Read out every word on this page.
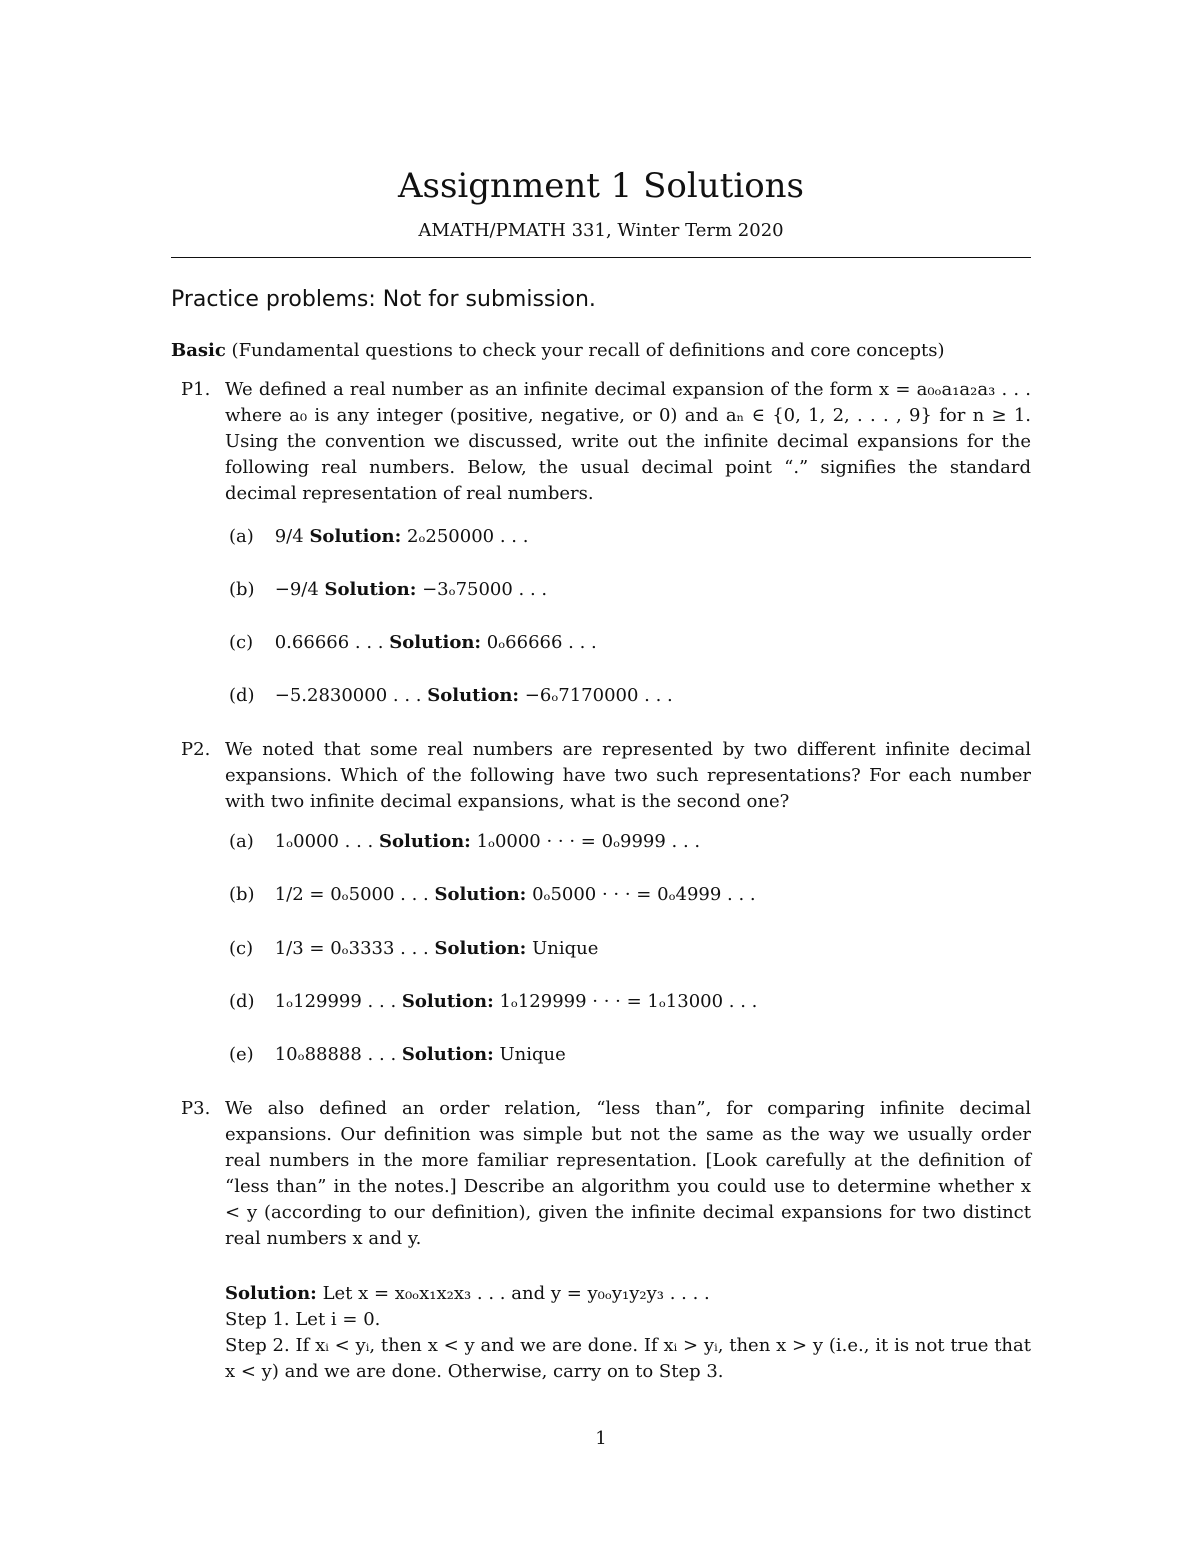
Assignment 1 Solutions

AMATH/PMATH 331, Winter Term 2020

Practice problems: Not for submission.

Basic (Fundamental questions to check your recall of definitions and core concepts)

P1. We defined a real number as an infinite decimal expansion of the form x = a₀ₒa₁a₂a₃ . . . where a₀ is any integer (positive, negative, or 0) and aₙ ∈ {0, 1, 2, . . . , 9} for n ≥ 1. Using the convention we discussed, write out the infinite decimal expansions for the following real numbers. Below, the usual decimal point “.” signifies the standard decimal representation of real numbers.
(a) 9/4 Solution: 2ₒ250000 . . .
(b) −9/4 Solution: −3ₒ75000 . . .
(c) 0.66666 . . . Solution: 0ₒ66666 . . .
(d) −5.2830000 . . . Solution: −6ₒ7170000 . . .
P2. We noted that some real numbers are represented by two different infinite decimal expansions. Which of the following have two such representations? For each number with two infinite decimal expansions, what is the second one?
(a) 1ₒ0000 . . . Solution: 1ₒ0000 · · · = 0ₒ9999 . . .
(b) 1/2 = 0ₒ5000 . . . Solution: 0ₒ5000 · · · = 0ₒ4999 . . .
(c) 1/3 = 0ₒ3333 . . . Solution: Unique
(d) 1ₒ129999 . . . Solution: 1ₒ129999 · · · = 1ₒ13000 . . .
(e) 10ₒ88888 . . . Solution: Unique
P3. We also defined an order relation, “less than”, for comparing infinite decimal expansions. Our definition was simple but not the same as the way we usually order real numbers in the more familiar representation. [Look carefully at the definition of “less than” in the notes.] Describe an algorithm you could use to determine whether x < y (according to our definition), given the infinite decimal expansions for two distinct real numbers x and y.
Solution: Let x = x₀ₒx₁x₂x₃ . . . and y = y₀ₒy₁y₂y₃ . . . .
Step 1. Let i = 0.
Step 2. If xᵢ < yᵢ, then x < y and we are done. If xᵢ > yᵢ, then x > y (i.e., it is not true that x < y) and we are done. Otherwise, carry on to Step 3.
1
